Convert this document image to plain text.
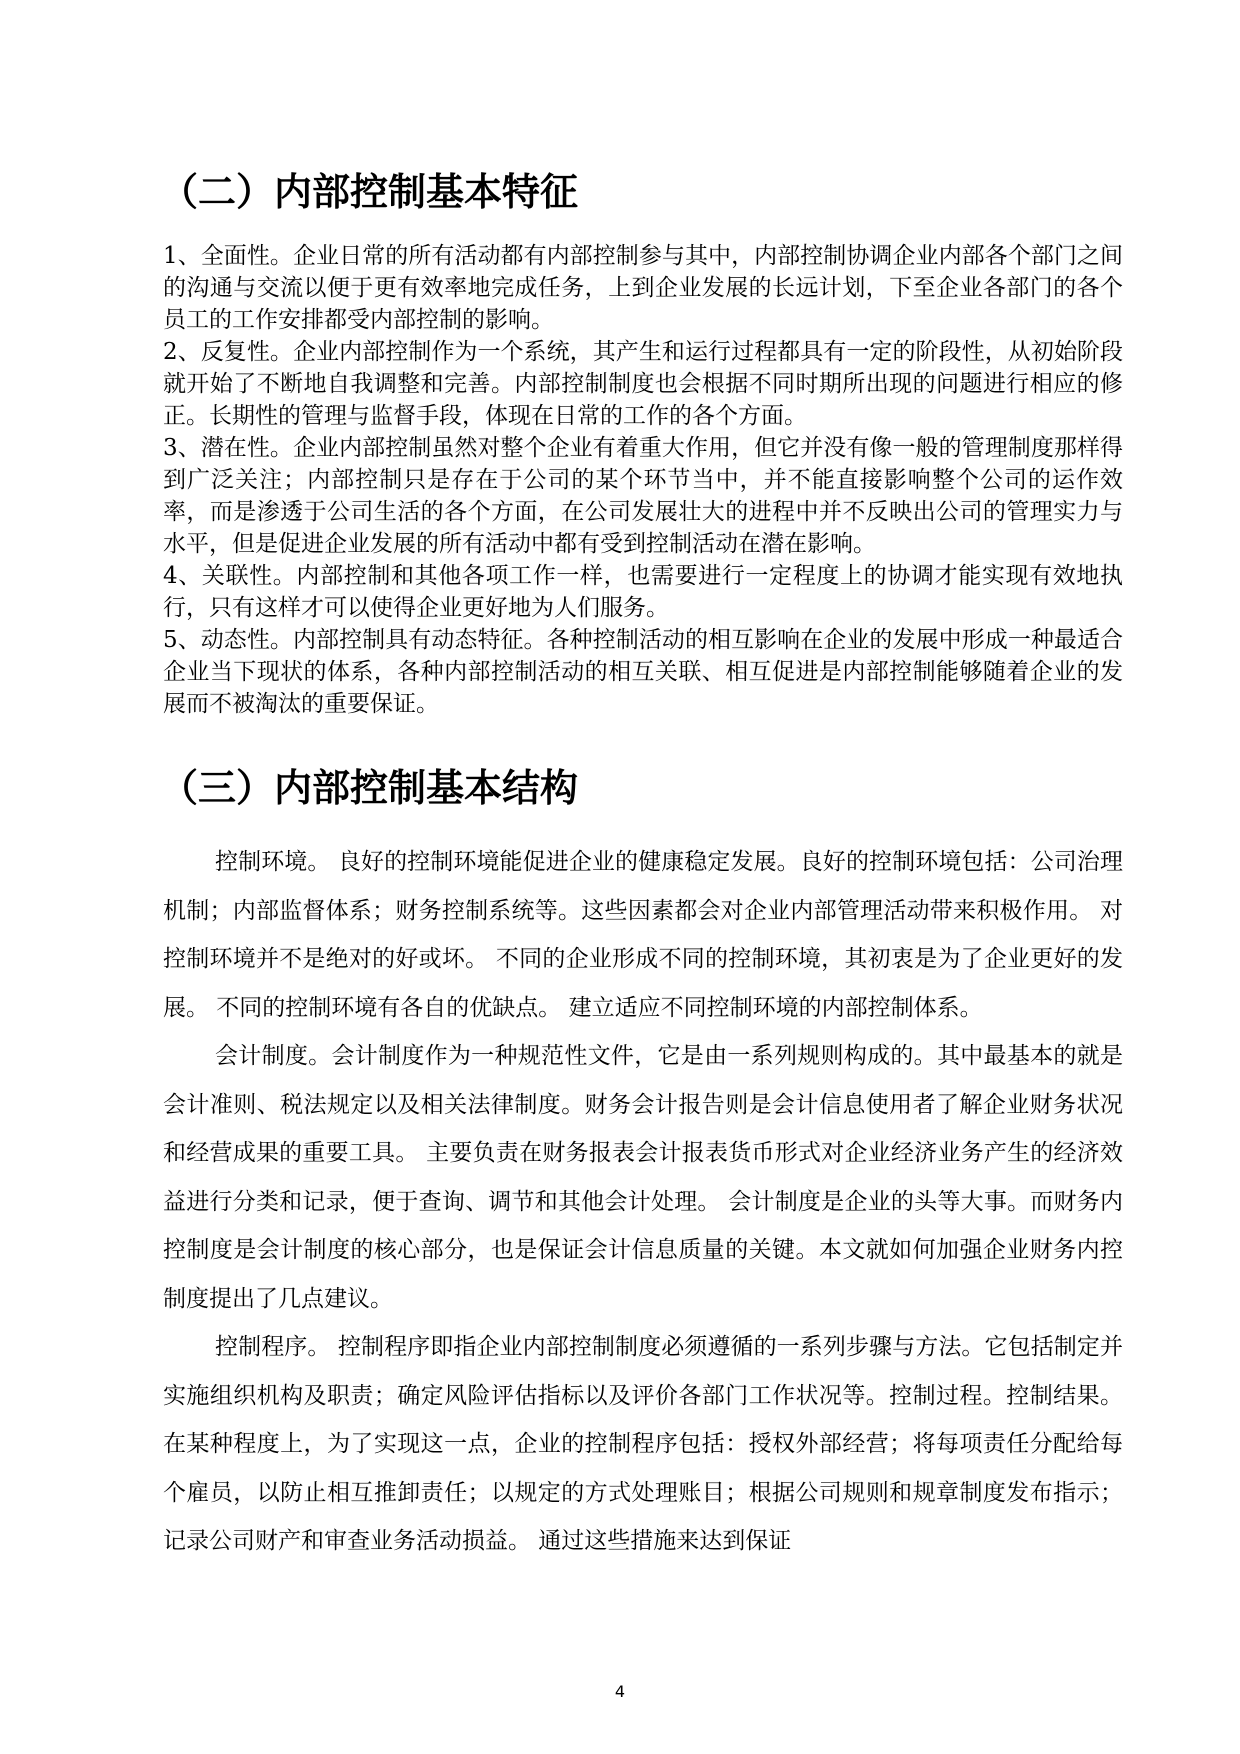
（二）内部控制基本特征

1、全面性。企业日常的所有活动都有内部控制参与其中，内部控制协调企业内部各个部门之间的沟通与交流以便于更有效率地完成任务，上到企业发展的长远计划，下至企业各部门的各个员工的工作安排都受内部控制的影响。

2、反复性。企业内部控制作为一个系统，其产生和运行过程都具有一定的阶段性，从初始阶段就开始了不断地自我调整和完善。内部控制制度也会根据不同时期所出现的问题进行相应的修正。长期性的管理与监督手段，体现在日常的工作的各个方面。

3、潜在性。企业内部控制虽然对整个企业有着重大作用，但它并没有像一般的管理制度那样得到广泛关注；内部控制只是存在于公司的某个环节当中，并不能直接影响整个公司的运作效率，而是渗透于公司生活的各个方面，在公司发展壮大的进程中并不反映出公司的管理实力与水平，但是促进企业发展的所有活动中都有受到控制活动在潜在影响。

4、关联性。内部控制和其他各项工作一样，也需要进行一定程度上的协调才能实现有效地执行，只有这样才可以使得企业更好地为人们服务。

5、动态性。内部控制具有动态特征。各种控制活动的相互影响在企业的发展中形成一种最适合企业当下现状的体系，各种内部控制活动的相互关联、相互促进是内部控制能够随着企业的发展而不被淘汰的重要保证。

（三）内部控制基本结构

控制环境。 良好的控制环境能促进企业的健康稳定发展。良好的控制环境包括：公司治理机制；内部监督体系；财务控制系统等。这些因素都会对企业内部管理活动带来积极作用。 对控制环境并不是绝对的好或坏。 不同的企业形成不同的控制环境，其初衷是为了企业更好的发展。 不同的控制环境有各自的优缺点。 建立适应不同控制环境的内部控制体系。

会计制度。会计制度作为一种规范性文件，它是由一系列规则构成的。其中最基本的就是会计准则、税法规定以及相关法律制度。财务会计报告则是会计信息使用者了解企业财务状况和经营成果的重要工具。 主要负责在财务报表会计报表货币形式对企业经济业务产生的经济效益进行分类和记录，便于查询、调节和其他会计处理。 会计制度是企业的头等大事。而财务内控制度是会计制度的核心部分，也是保证会计信息质量的关键。本文就如何加强企业财务内控制度提出了几点建议。

控制程序。 控制程序即指企业内部控制制度必须遵循的一系列步骤与方法。它包括制定并实施组织机构及职责；确定风险评估指标以及评价各部门工作状况等。控制过程。控制结果。 在某种程度上，为了实现这一点，企业的控制程序包括：授权外部经营；将每项责任分配给每个雇员，以防止相互推卸责任；以规定的方式处理账目；根据公司规则和规章制度发布指示；记录公司财产和审查业务活动损益。 通过这些措施来达到保证

4
